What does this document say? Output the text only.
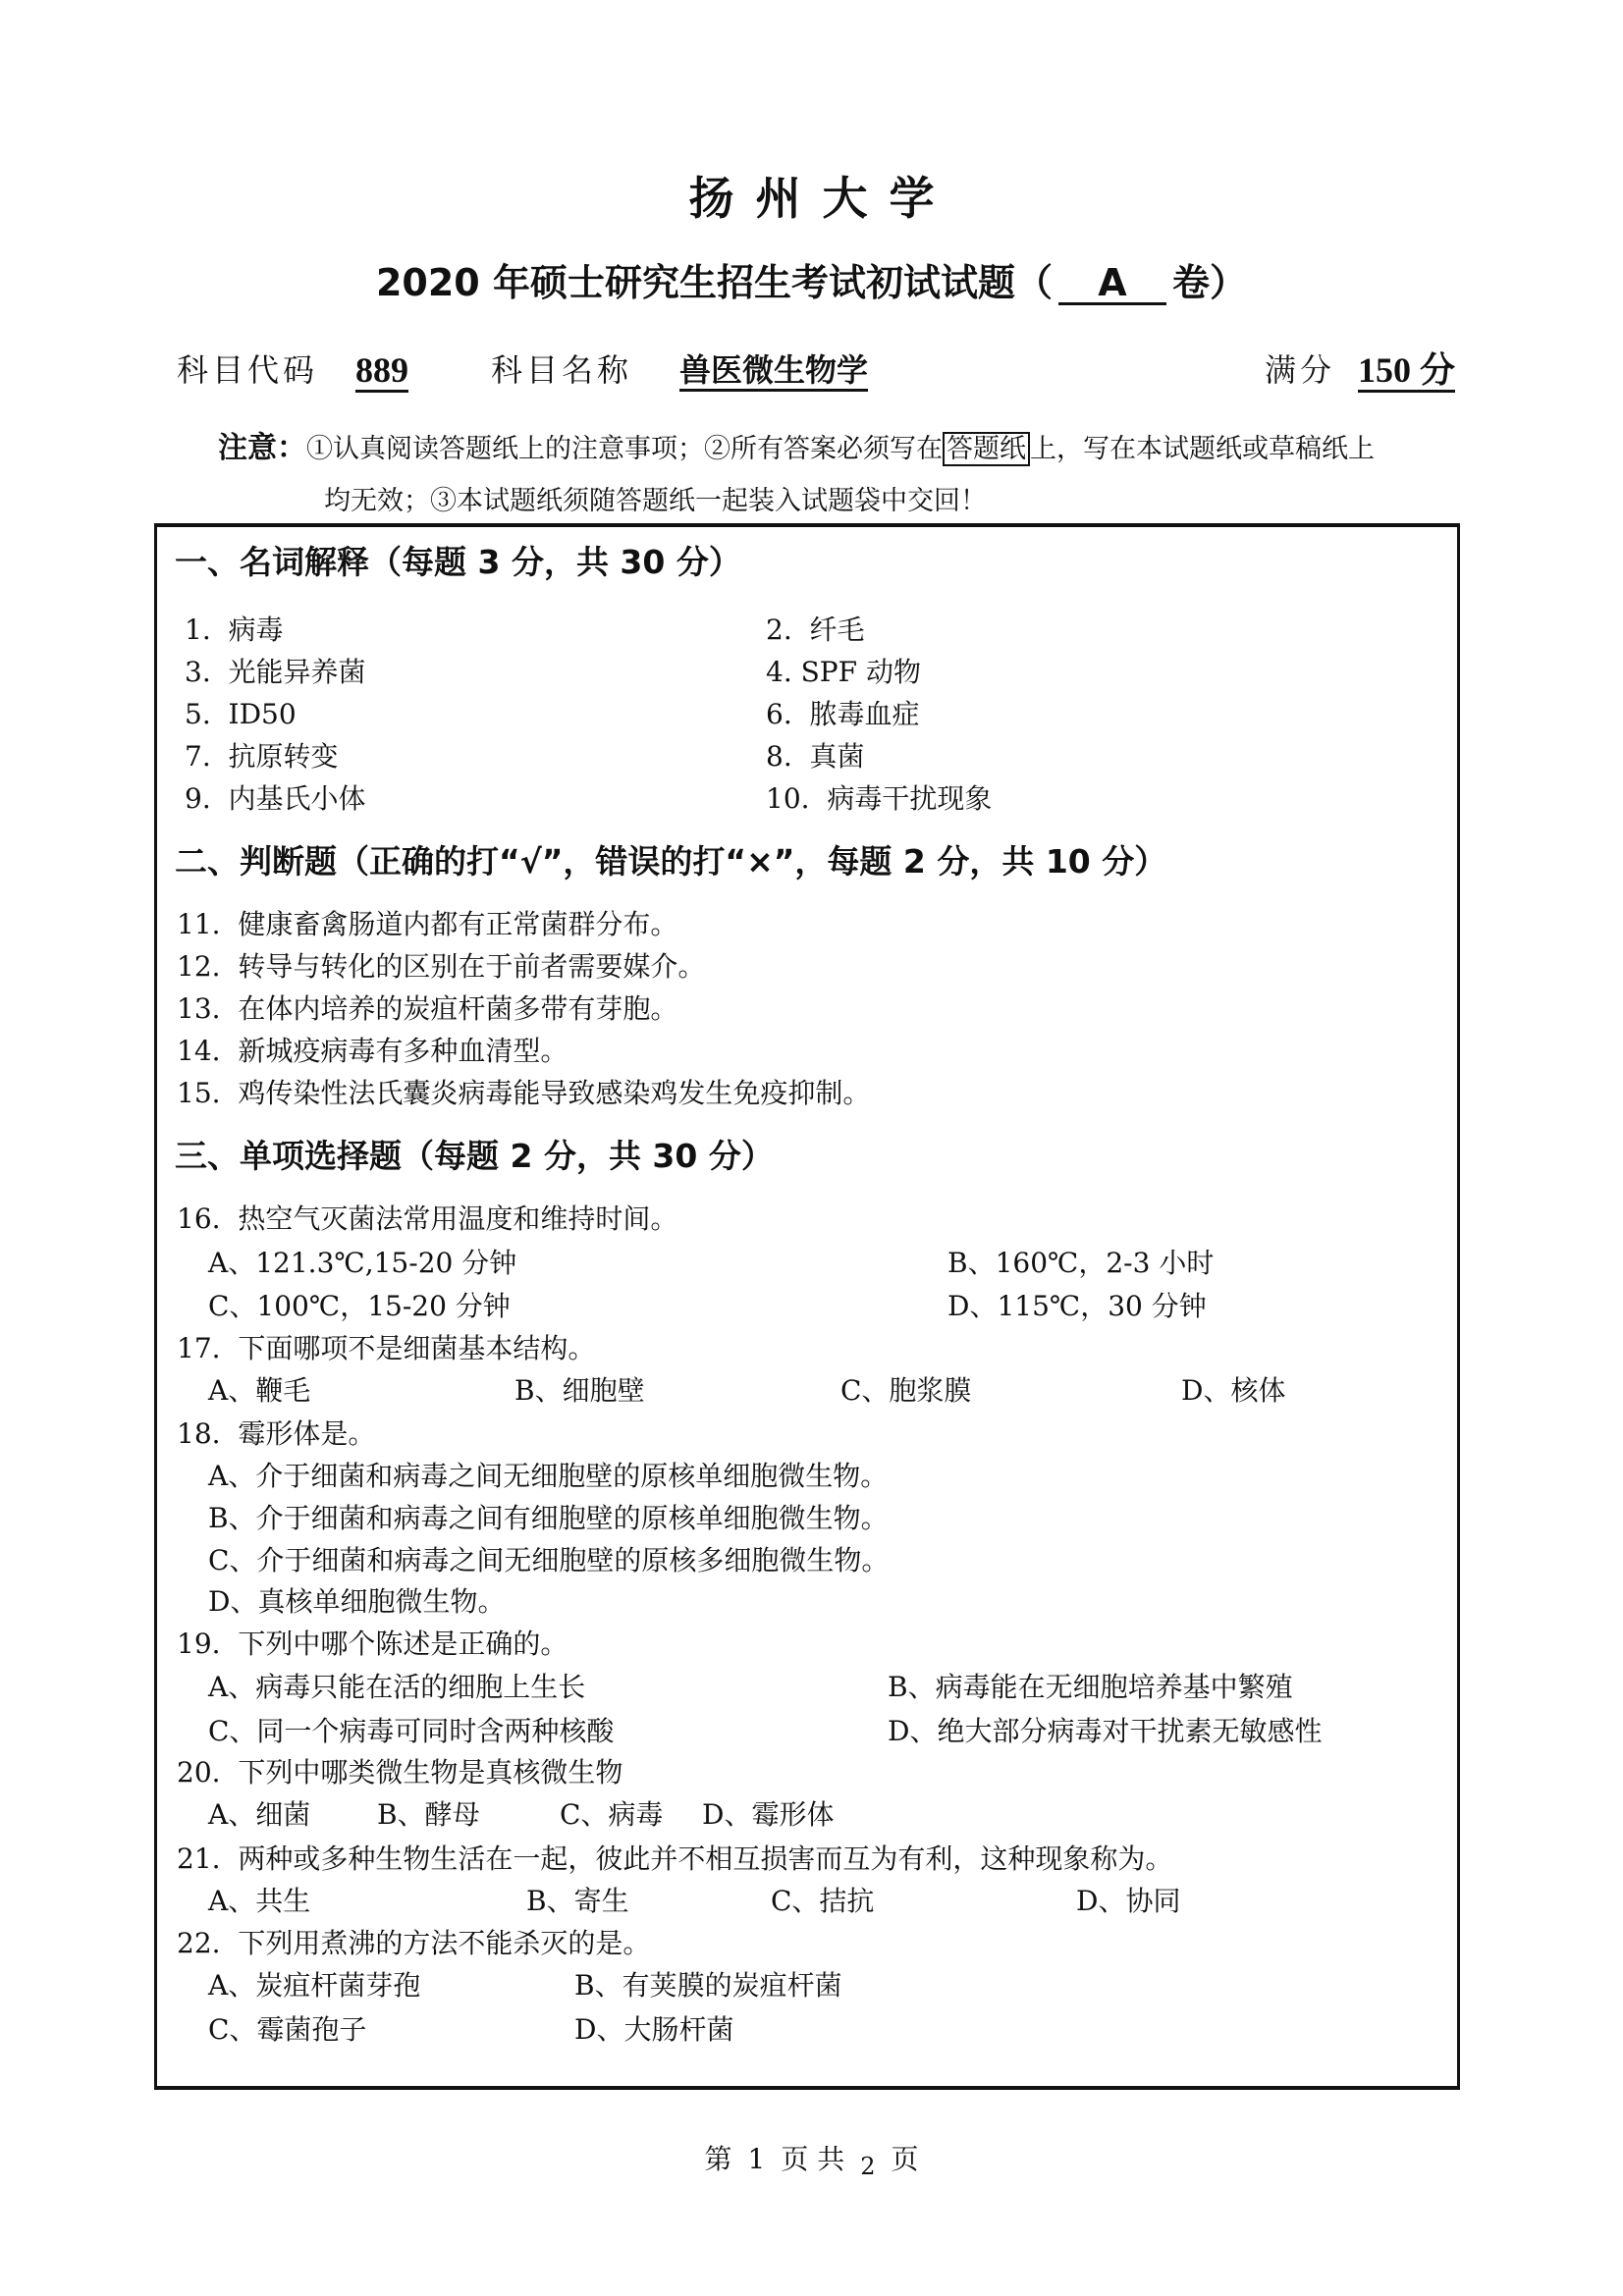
扬州大学
2020 年硕士研究生招生考试初试试题（ A 卷）
科目代码 889	科目名称 兽医微生物学	满分 150 分
注意：①认真阅读答题纸上的注意事项；②所有答案必须写在 答题纸 上，写在本试题纸或草稿纸上
均无效；③本试题纸须随答题纸一起装入试题袋中交回！
一、名词解释（每题 3 分，共 30 分）
1. 病毒	2. 纤毛
3. 光能异养菌	4. SPF 动物
5. ID50	6. 脓毒血症
7. 抗原转变	8. 真菌
9. 内基氏小体	10. 病毒干扰现象
二、判断题（正确的打“√”，错误的打“×”，每题 2 分，共 10 分）
11. 健康畜禽肠道内都有正常菌群分布。
12. 转导与转化的区别在于前者需要媒介。
13. 在体内培养的炭疽杆菌多带有芽胞。
14. 新城疫病毒有多种血清型。
15. 鸡传染性法氏囊炎病毒能导致感染鸡发生免疫抑制。
三、单项选择题（每题 2 分，共 30 分）
16. 热空气灭菌法常用温度和维持时间。
A、121.3℃,15-20 分钟	B、160℃，2-3 小时
C、100℃，15-20 分钟	D、115℃，30 分钟
17. 下面哪项不是细菌基本结构。
A、鞭毛	B、细胞壁	C、胞浆膜	D、核体
18. 霉形体是。
A、介于细菌和病毒之间无细胞壁的原核单细胞微生物。
B、介于细菌和病毒之间有细胞壁的原核单细胞微生物。
C、介于细菌和病毒之间无细胞壁的原核多细胞微生物。
D、真核单细胞微生物。
19. 下列中哪个陈述是正确的。
A、病毒只能在活的细胞上生长	B、病毒能在无细胞培养基中繁殖
C、同一个病毒可同时含两种核酸	D、绝大部分病毒对干扰素无敏感性
20. 下列中哪类微生物是真核微生物
A、细菌 B、酵母	C、病毒 D、霉形体
21. 两种或多种生物生活在一起，彼此并不相互损害而互为有利，这种现象称为。
A、共生	B、寄生	C、拮抗	D、协同
22. 下列用煮沸的方法不能杀灭的是。
A、炭疽杆菌芽孢	B、有荚膜的炭疽杆菌
C、霉菌孢子	D、大肠杆菌
第 1 页 共 2 页
